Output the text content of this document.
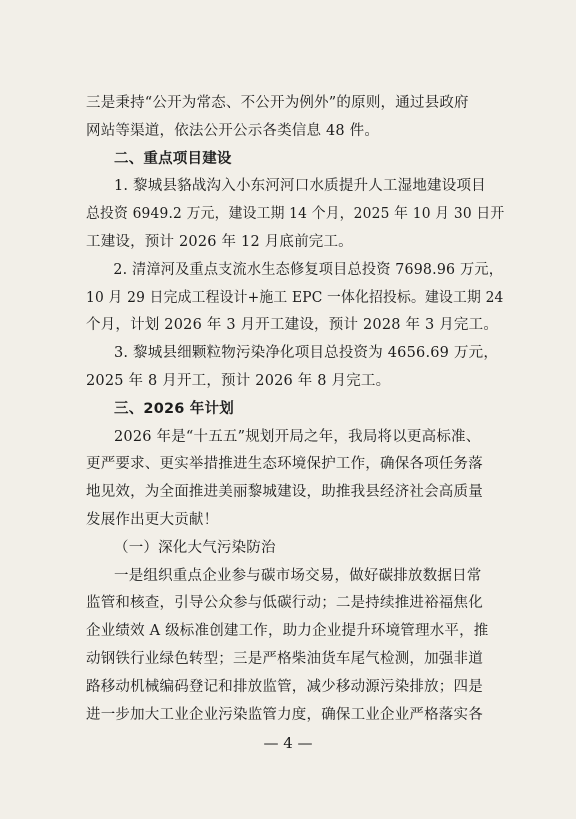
三是秉持“公开为常态、不公开为例外”的原则，通过县政府
网站等渠道，依法公开公示各类信息 48 件。
二、重点项目建设
1. 黎城县貉战沟入小东河河口水质提升人工湿地建设项目
总投资 6949.2 万元，建设工期 14 个月，2025 年 10 月 30 日开
工建设，预计 2026 年 12 月底前完工。
2. 清漳河及重点支流水生态修复项目总投资 7698.96 万元，
10 月 29 日完成工程设计+施工 EPC 一体化招投标。建设工期 24
个月，计划 2026 年 3 月开工建设，预计 2028 年 3 月完工。
3. 黎城县细颗粒物污染净化项目总投资为 4656.69 万元，
2025 年 8 月开工，预计 2026 年 8 月完工。
三、2026 年计划
2026 年是“十五五”规划开局之年，我局将以更高标准、
更严要求、更实举措推进生态环境保护工作，确保各项任务落
地见效，为全面推进美丽黎城建设，助推我县经济社会高质量
发展作出更大贡献！
（一）深化大气污染防治
一是组织重点企业参与碳市场交易，做好碳排放数据日常
监管和核查，引导公众参与低碳行动；二是持续推进裕福焦化
企业绩效 A 级标准创建工作，助力企业提升环境管理水平，推
动钢铁行业绿色转型；三是严格柴油货车尾气检测，加强非道
路移动机械编码登记和排放监管，减少移动源污染排放；四是
进一步加大工业企业污染监管力度，确保工业企业严格落实各
— 4 —
